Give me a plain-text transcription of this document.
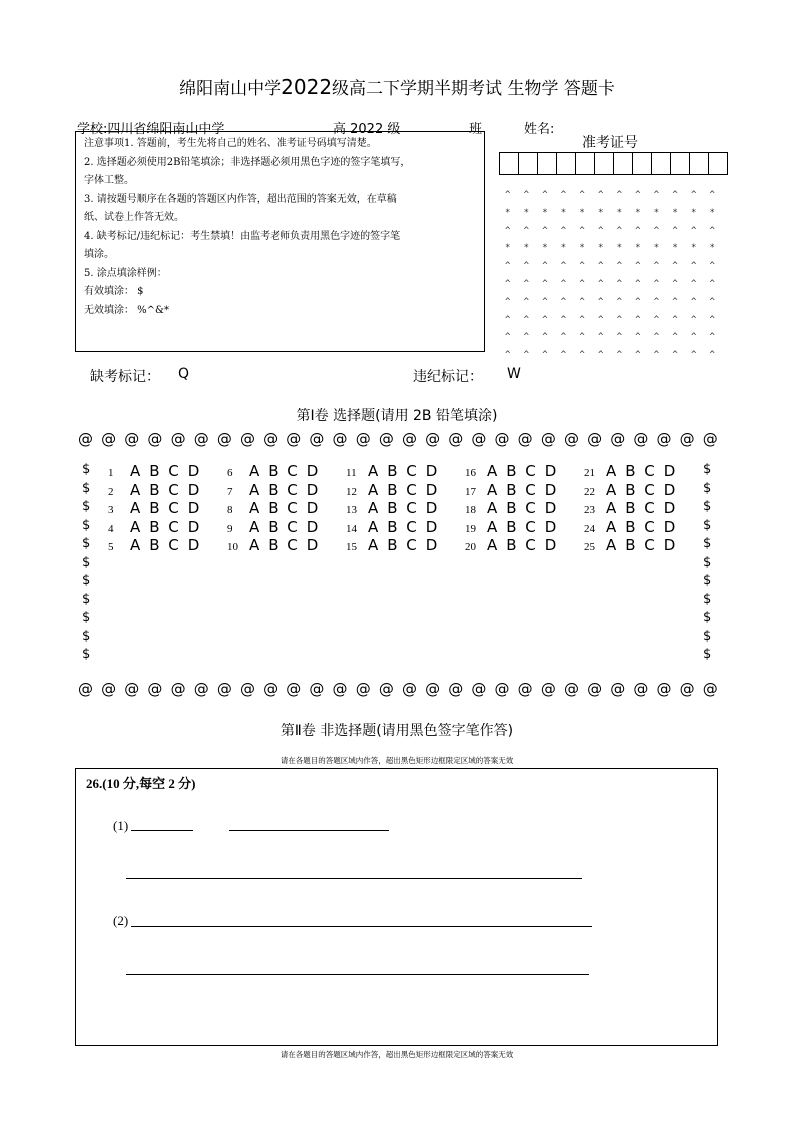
绵阳南山中学2022级高二下学期半期考试 生物学 答题卡
学校:四川省绵阳南山中学	高 2022 级	班	姓名:
注意事项1. 答题前，考生先将自己的姓名、准考证号码填写清楚。
2. 选择题必须使用2B铅笔填涂；非选择题必须用黑色字迹的签字笔填写，
字体工整。
3. 请按题号顺序在各题的答题区内作答，超出范围的答案无效，在草稿
纸、试卷上作答无效。
4. 缺考标记/违纪标记：考生禁填！由监考老师负责用黑色字迹的签字笔
填涂。
5. 涂点填涂样例：
有效填涂： $
无效填涂： %^&*
准考证号
^ ^ ^ ^ ^ ^ ^ ^ ^ ^ ^ ^
* * * * * * * * * * * *
^ ^ ^ ^ ^ ^ ^ ^ ^ ^ ^ ^
* * * * * * * * * * * *
^ ^ ^ ^ ^ ^ ^ ^ ^ ^ ^ ^
^ ^ ^ ^ ^ ^ ^ ^ ^ ^ ^ ^
^ ^ ^ ^ ^ ^ ^ ^ ^ ^ ^ ^
^ ^ ^ ^ ^ ^ ^ ^ ^ ^ ^ ^
^ ^ ^ ^ ^ ^ ^ ^ ^ ^ ^ ^
^ ^ ^ ^ ^ ^ ^ ^ ^ ^ ^ ^
缺考标记： Q	违纪标记： W
第Ⅰ卷 选择题(请用 2B 铅笔填涂)
@ @ @ @ @ @ @ @ @ @ @ @ @ @ @ @ @ @ @ @ @ @ @ @ @ @ @ @
@ @ @ @ @ @ @ @ @ @ @ @ @ @ @ @ @ @ @ @ @ @ @ @ @ @ @ @
$
$
$
$
$
$
$
$
$
$
$
$
$
$
$
$
$
$
$
$
$
$
1	ABCD 6	ABCD 11 ABCD 16 ABCD 21 ABCD
2	ABCD 7	ABCD 12 ABCD 17 ABCD 22 ABCD
3	ABCD 8	ABCD 13 ABCD 18 ABCD 23 ABCD
4	ABCD 9	ABCD 14 ABCD 19 ABCD 24 ABCD
5	ABCD 10 ABCD 15 ABCD 20 ABCD 25 ABCD
第Ⅱ卷 非选择题(请用黑色签字笔作答)
请在各题目的答题区域内作答，超出黑色矩形边框限定区域的答案无效
26.(10 分,每空 2 分)
(1)
(2)
请在各题目的答题区域内作答，超出黑色矩形边框限定区域的答案无效
